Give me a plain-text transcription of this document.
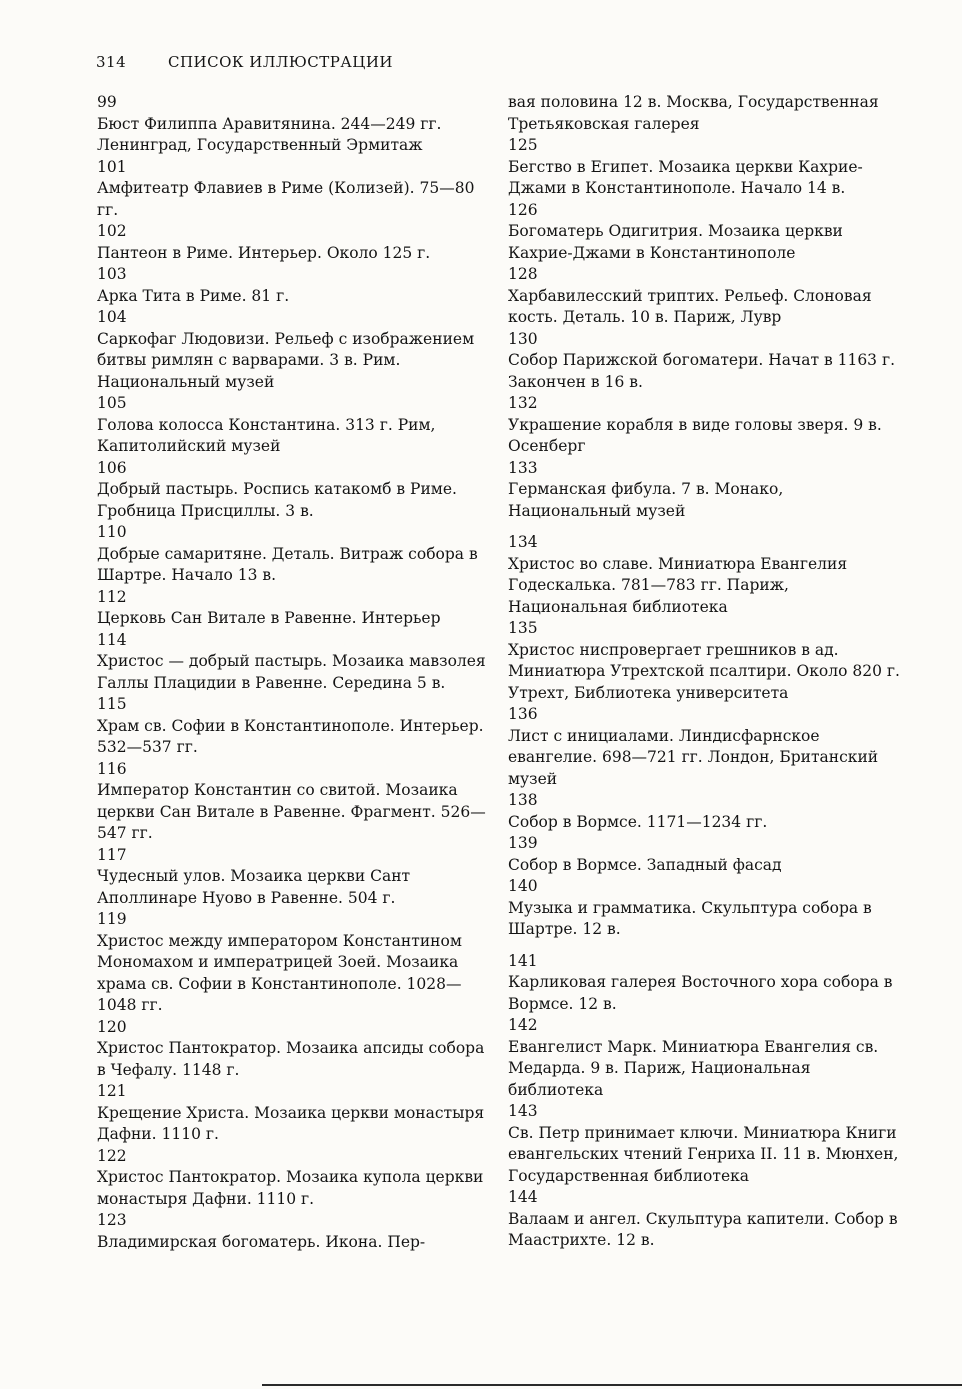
314	СПИСОК ИЛЛЮСТРАЦИИ
99
Бюст Филиппа Аравитянина. 244—249 гг. Ленинград, Государственный Эрмитаж
101
Амфитеатр Флавиев в Риме (Колизей). 75—80 гг.
102
Пантеон в Риме. Интерьер. Около 125 г.
103
Арка Тита в Риме. 81 г.
104
Саркофаг Людовизи. Рельеф с изображением битвы римлян с варварами. 3 в. Рим. Национальный музей
105
Голова колосса Константина. 313 г. Рим, Капитолийский музей
106
Добрый пастырь. Роспись катакомб в Риме. Гробница Присциллы. 3 в.
110
Добрые самаритяне. Деталь. Витраж собора в Шартре. Начало 13 в.
112
Церковь Сан Витале в Равенне. Интерьер
114
Христос — добрый пастырь. Мозаика мавзолея Галлы Плацидии в Равенне. Середина 5 в.
115
Храм св. Софии в Константинополе. Интерьер. 532—537 гг.
116
Император Константин со свитой. Мозаика церкви Сан Витале в Равенне. Фрагмент. 526—547 гг.
117
Чудесный улов. Мозаика церкви Сант Аполлинаре Нуово в Равенне. 504 г.
119
Христос между императором Константином Мономахом и императрицей Зоей. Мозаика храма св. Софии в Константинополе. 1028—1048 гг.
120
Христос Пантократор. Мозаика апсиды собора в Чефалу. 1148 г.
121
Крещение Христа. Мозаика церкви монастыря Дафни. 1110 г.
122
Христос Пантократор. Мозаика купола церкви монастыря Дафни. 1110 г.
123
Владимирская богоматерь. Икона. Пер-
вая половина 12 в. Москва, Государственная Третьяковская галерея
125
Бегство в Египет. Мозаика церкви Кахрие-Джами в Константинополе. Начало 14 в.
126
Богоматерь Одигитрия. Мозаика церкви Кахрие-Джами в Константинополе
128
Харбавилесский триптих. Рельеф. Слоновая кость. Деталь. 10 в. Париж, Лувр
130
Собор Парижской богоматери. Начат в 1163 г. Закончен в 16 в.
132
Украшение корабля в виде головы зверя. 9 в. Осенберг
133
Германская фибула. 7 в. Монако, Национальный музей
134
Христос во славе. Миниатюра Евангелия Годескалька. 781—783 гг. Париж, Национальная библиотека
135
Христос ниспровергает грешников в ад. Миниатюра Утрехтской псалтири. Около 820 г. Утрехт, Библиотека университета
136
Лист с инициалами. Линдисфарнское евангелие. 698—721 гг. Лондон, Британский музей
138
Собор в Вормсе. 1171—1234 гг.
139
Собор в Вормсе. Западный фасад
140
Музыка и грамматика. Скульптура собора в Шартре. 12 в.
141
Карликовая галерея Восточного хора собора в Вормсе. 12 в.
142
Евангелист Марк. Миниатюра Евангелия св. Медарда. 9 в. Париж, Национальная библиотека
143
Св. Петр принимает ключи. Миниатюра Книги евангельских чтений Генриха II. 11 в. Мюнхен, Государственная библиотека
144
Валаам и ангел. Скульптура капители. Собор в Маастрихте. 12 в.
